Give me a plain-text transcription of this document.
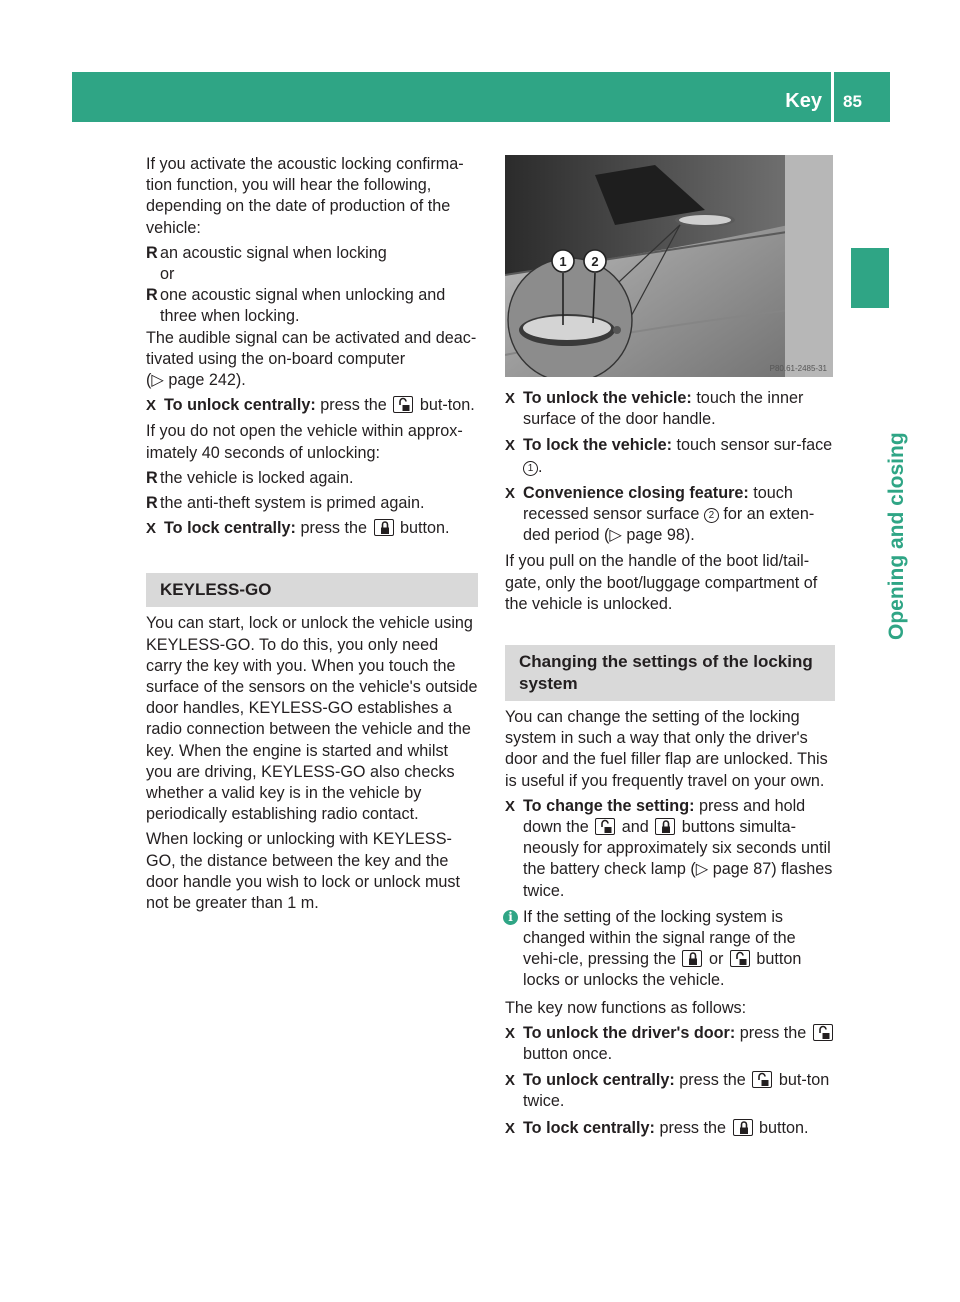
Key 85
Opening and closing

If you activate the acoustic locking confirma-tion function, you will hear the following, depending on the date of production of the vehicle:

R an acoustic signal when locking
or
R one acoustic signal when unlocking and three when locking.

The audible signal can be activated and deac-tivated using the on-board computer
(▷ page 242).

X To unlock centrally: press the but-ton.

If you do not open the vehicle within approx-imately 40 seconds of unlocking:

R the vehicle is locked again.
R the anti-theft system is primed again.
X To lock centrally: press the button.
KEYLESS-GO

You can start, lock or unlock the vehicle using KEYLESS-GO. To do this, you only need carry the key with you. When you touch the surface of the sensors on the vehicle's outside door handles, KEYLESS-GO establishes a radio connection between the vehicle and the key. When the engine is started and whilst you are driving, KEYLESS-GO also checks whether a valid key is in the vehicle by periodically establishing radio contact.

When locking or unlocking with KEYLESS-GO, the distance between the key and the door handle you wish to lock or unlock must not be greater than 1 m.

1 2
P80.61-2485-31
X To unlock the vehicle: touch the inner surface of the door handle.
X To lock the vehicle: touch sensor sur-face 1 .
X Convenience closing feature: touch recessed sensor surface 2 for an exten-ded period (▷ page 98).

If you pull on the handle of the boot lid/tail-gate, only the boot/luggage compartment of the vehicle is unlocked.

Changing the settings of the locking system

You can change the setting of the locking system in such a way that only the driver's door and the fuel filler flap are unlocked. This is useful if you frequently travel on your own.

X To change the setting: press and hold down the and buttons simulta-neously for approximately six seconds until the battery check lamp (▷ page 87) flashes twice.
i If the setting of the locking system is changed within the signal range of the vehi-cle, pressing the or button locks or unlocks the vehicle.

The key now functions as follows:

X To unlock the driver's door: press the
button once.
X To unlock centrally: press the but-ton twice.
X To lock centrally: press the button.
